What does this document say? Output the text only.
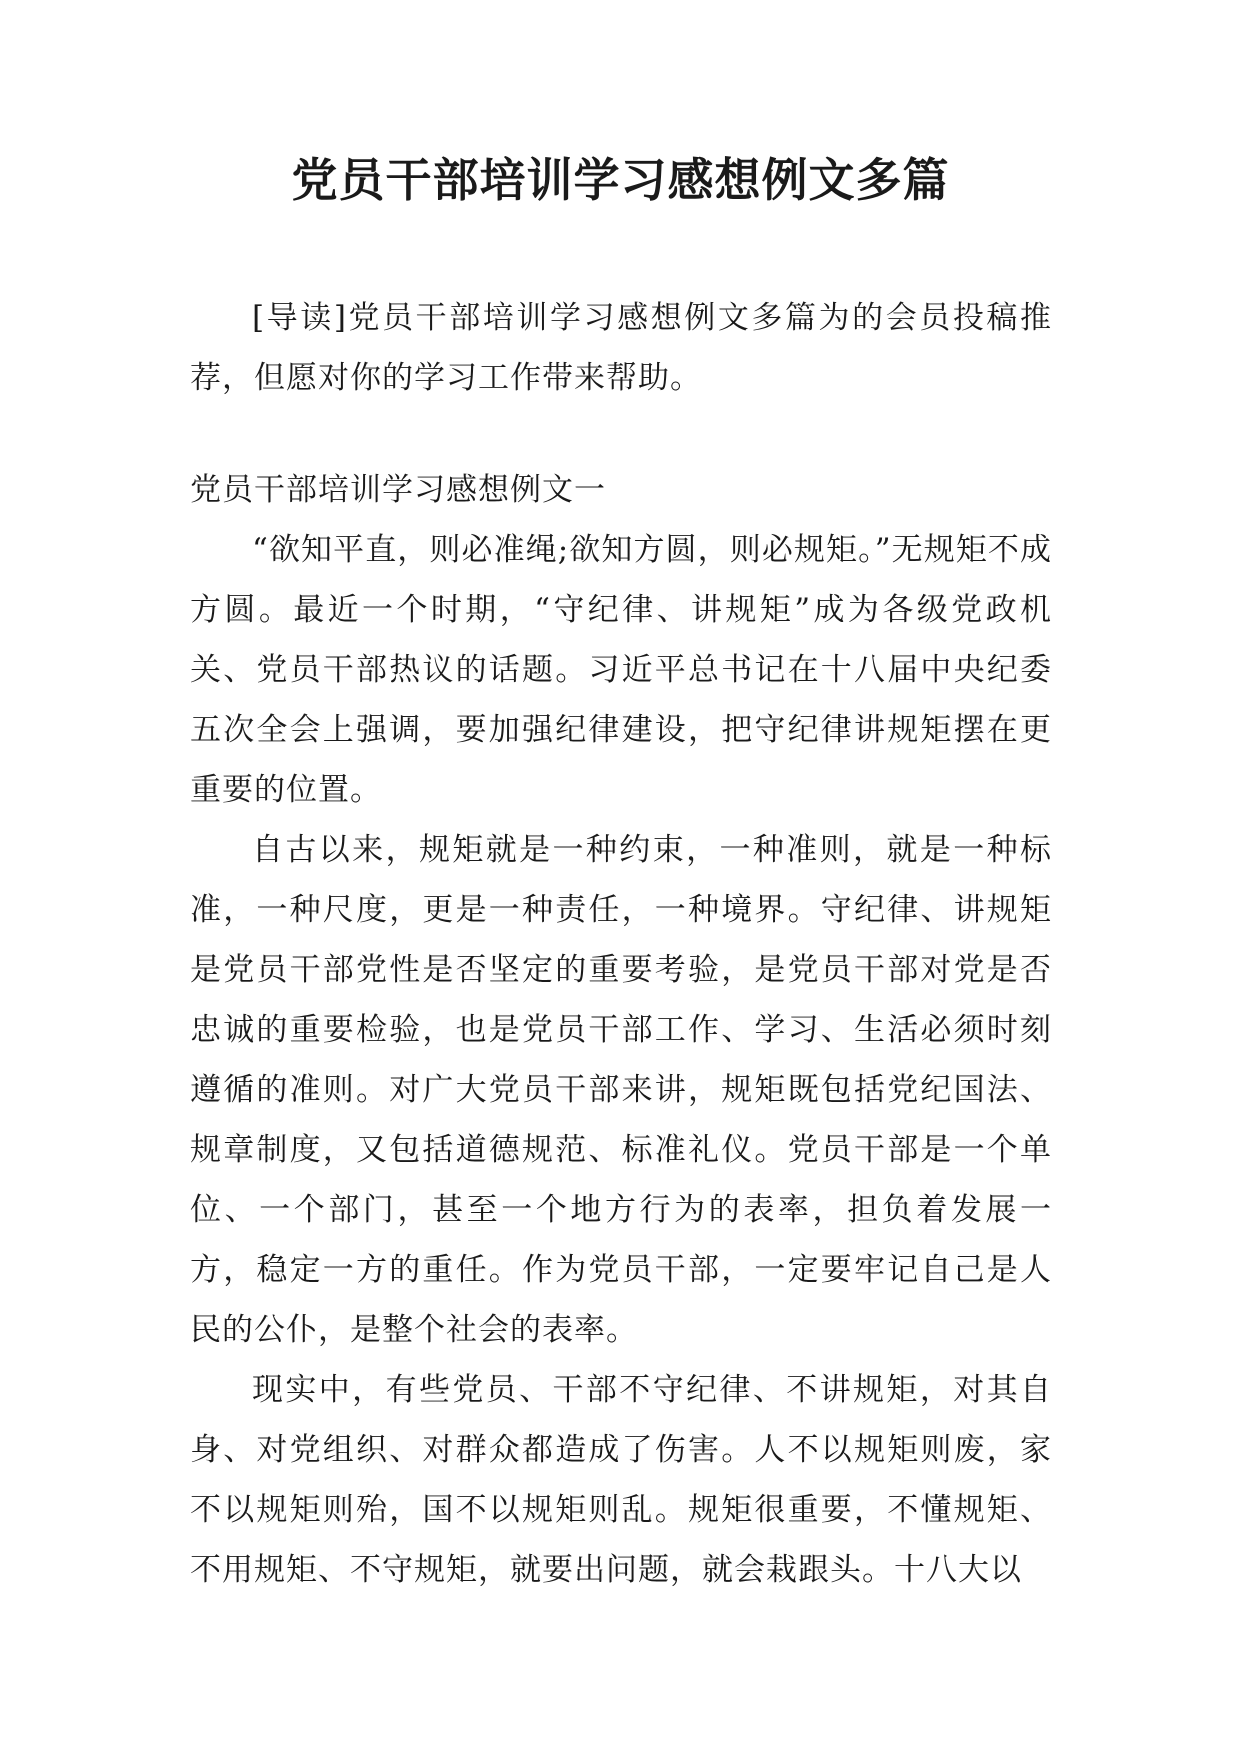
党员干部培训学习感想例文多篇

[导读]党员干部培训学习感想例文多篇为的会员投稿推荐，但愿对你的学习工作带来帮助。

党员干部培训学习感想例文一

“欲知平直，则必准绳;欲知方圆，则必规矩。”无规矩不成方圆。最近一个时期，“守纪律、讲规矩”成为各级党政机关、党员干部热议的话题。习近平总书记在十八届中央纪委五次全会上强调，要加强纪律建设，把守纪律讲规矩摆在更重要的位置。

自古以来，规矩就是一种约束，一种准则，就是一种标准，一种尺度，更是一种责任，一种境界。守纪律、讲规矩是党员干部党性是否坚定的重要考验，是党员干部对党是否忠诚的重要检验，也是党员干部工作、学习、生活必须时刻遵循的准则。对广大党员干部来讲，规矩既包括党纪国法、规章制度，又包括道德规范、标准礼仪。党员干部是一个单位、一个部门，甚至一个地方行为的表率，担负着发展一方，稳定一方的重任。作为党员干部，一定要牢记自己是人民的公仆，是整个社会的表率。

现实中，有些党员、干部不守纪律、不讲规矩，对其自身、对党组织、对群众都造成了伤害。人不以规矩则废，家不以规矩则殆，国不以规矩则乱。规矩很重要，不懂规矩、不用规矩、不守规矩，就要出问题，就会栽跟头。十八大以
